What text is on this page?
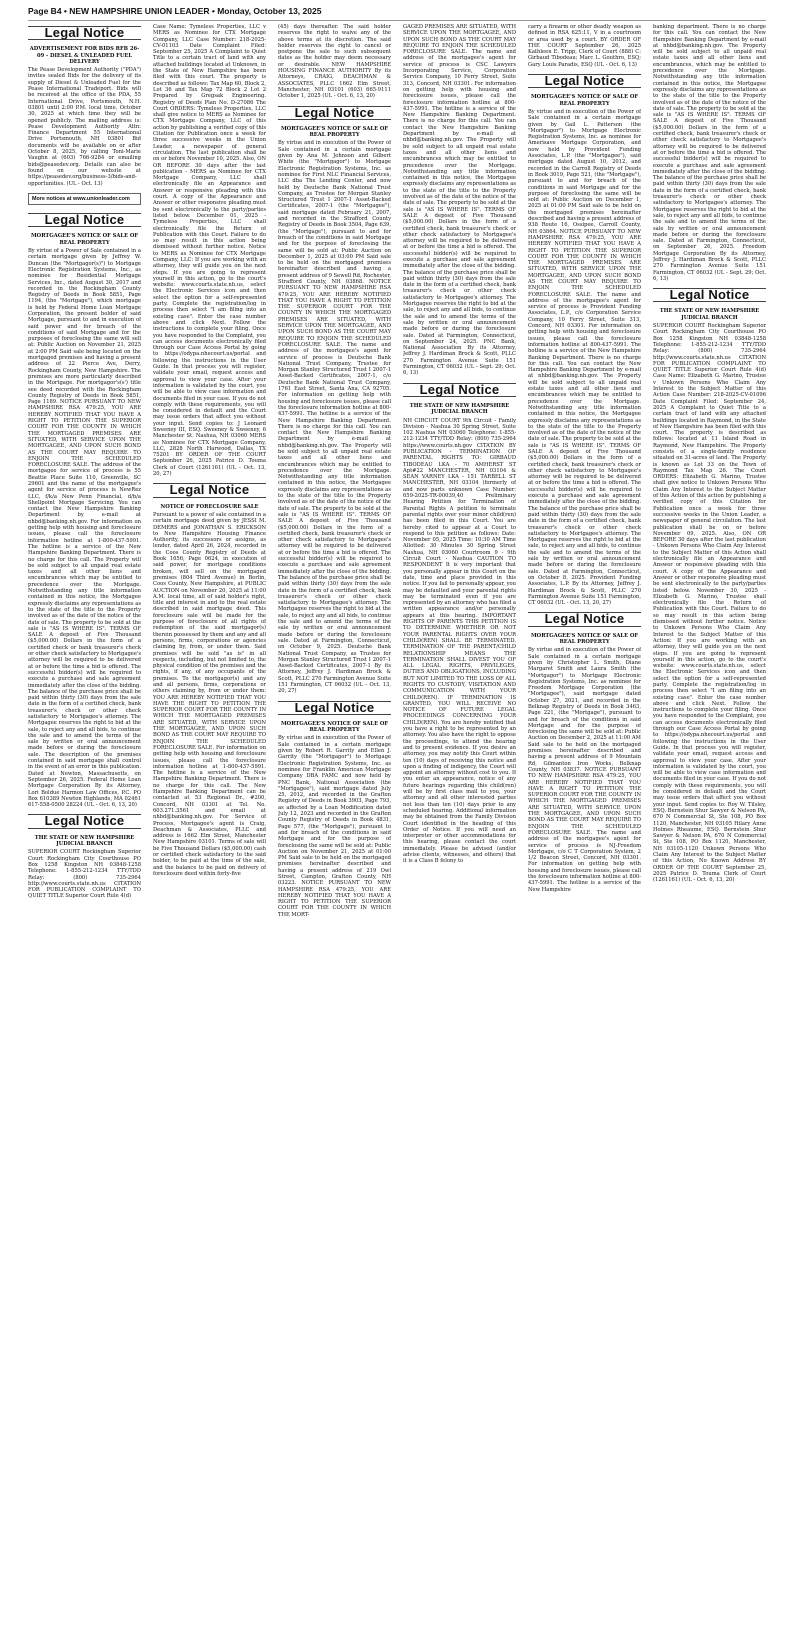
Page B4 • NEW HAMPSHIRE UNION LEADER • Monday, October 13, 2025
Legal Notice
ADVERTISEMENT FOR BIDS RFB 26-09 - DIESEL & UNLEADED FUEL DELIVERY

The Pease Development Authority ("PDA") invites sealed Bids for the delivery of its supply of Diesel & Unleaded Fuel for the Pease International Tradeport. Bids will be received at the office of the PDA, 55 International Drive, Portsmouth, N.H. 03801 until 2:00 P.M. local time, October 30, 2025 at which time they will be opened publicly. The mailing address is: Pease Development Authority Attn: Finance Department 55 International Drive Portsmouth, NH 03801 Bid documents will be available on or after October 8, 2025, by calling Toni-Marie Vaughn at (603) 766-9284 or emailing bids@peasedev.org. Details can also be found on our website at https://peasedev.org/business-3/bids-and-opportunities. (UL - Oct. 13)

More notices at www.unionleader.com
Legal Notice
MORTGAGEE'S NOTICE OF SALE OF REAL PROPERTY

By virtue of a Power of Sale contained in a certain mortgage given by Jeffrey W. Duncan (the "Mortgagor(s)") to Mortgage Electronic Registration Systems, Inc., as nominee for Residential Mortgage Services, Inc., dated August 30, 2017 and recorded in the Rockingham County Registry of Deeds in Book 5851, Page 1194, (the "Mortgage"), which mortgage is held by Federal Home Loan Mortgage Corporation, the present holder of said Mortgage, pursuant to and in execution of said power and for breach of the conditions of said Mortgage and for the purposes of foreclosing the same will sell at: Public Auction on November 21, 2025 at 2:00 PM Said sale being located on the mortgaged premises and having a present address of 22 Pierce Ave, Derry, Rockingham County, New Hampshire. The premises are more particularly described in the Mortgage. For mortgagor's(s') title see deed recorded with the Rockingham County Registry of Deeds in Book 5851, Page 1189. NOTICE PURSUANT TO NEW HAMPSHIRE RSA 479:25, YOU ARE HEREBY NOTIFIED THAT YOU HAVE A RIGHT TO PETITION THE SUPERIOR COURT FOR THE COUNTY IN WHICH THE MORTGAGED PREMISES ARE SITUATED, WITH SERVICE UPON THE MORTGAGEE, AND UPON SUCH BOND AS THE COURT MAY REQUIRE TO ENJOIN THE SCHEDULED FORECLOSURE SALE. The address of the mortgagee for service of process is 55 Beattie Place Suite 110, Greenville, SC 29601 and the name of the mortgagee's agent for service of process is NewRez LLC, f/k/a New Penn Financial, d/b/a Shellpoint Mortgage Servicing. You can contact the New Hampshire Banking Department by e-mail at nhbd@banking.nh.gov. For information on getting help with housing and foreclosure issues, please call the foreclosure information hotline at 1-800-437-5991. The hotline is a service of the New Hampshire Banking Department. There is no charge for this call. The Property will be sold subject to all unpaid real estate taxes and all other liens and encumbrances which may be entitled to precedence over the Mortgage. Notwithstanding any title information contained in this notice, the Mortgagee expressly disclaims any representations as to the state of the title to the Property involved as of the date of the notice of the date of sale. The property to be sold at the sale is "AS IS WHERE IS". TERMS OF SALE A deposit of Five Thousand ($5,000.00) Dollars in the form of a certified check or bank treasurer's check or other check satisfactory to Mortgagee's attorney will be required to be delivered at or before the time a bid is offered. The successful bidder(s) will be required to execute a purchase and sale agreement immediately after the close of the bidding. The balance of the purchase price shall be paid within thirty (30) days from the sale date in the form of a certified check, bank treasurer's check or other check satisfactory to Mortgagee's attorney. The Mortgagee reserves the right to bid at the sale, to reject any and all bids, to continue the sale and to amend the terms of the sale by written or oral announcement made before or during the foreclosure sale. The description of the premises contained in said mortgage shall control in the event of an error in this publication. Dated at Newton, Massachusetts, on September 26, 2025. Federal Home Loan Mortgage Corporation By its Attorney, Lori Boldue Harmon Law Offices, P.C. PO Box 610389 Newton Highlands, MA 02461 617-558-0500 28224 (UL - Oct. 6, 13, 20)

Legal Notice
THE STATE OF NEW HAMPSHIRE JUDICIAL BRANCH

SUPERIOR COURT Rockingham Superior Court Rockingham City Courthouse PO Box 1258 Kingston NH 03848-1258 Telephone: 1-855-212-1234 TTY/TDD Relay: (800) 735-2964 http://www.courts.state.nh.us CITATION FOR PUBLICATION COMPLAINT TO QUIET TITLE Superior Court Rule 4(d)

Case Name: Tymeless Properties, LLC v MERS as Nominee for CTX Mortgage Company, LLC Case Number: 218-2025-CV-01103 Date Complaint Filed: September 25, 2025 A Complaint to Quiet Title to a certain tract of land with any attached buildings located at Unknown, in the State of New Hampshire has been filed with this court. The property is described as follows: Tax Map 60, Block 2, Lot 36 and Tax Map 72 Block 2 Lot 2 Prepared by Gregsak Engineering. Registry of Deeds Plan No. D-27086 The Court ORDERS: Tymeless Properties, LLC shall give notice to MERS as Nominee for CTX Mortgage Company, LLC of this action by publishing a verified copy of this Citation for Publication once a week for three successive weeks in the Union Leader, a newspaper of general circulation. The last publication shall be on or before November 10, 2025. Also, ON OR BEFORE 30 days after the last publication - MERS as Nominee for CTX Mortgage Company, LLC shall electronically file an Appearance and Answer or responsive pleading with this court. A copy of the Appearance and Answer or other responsive pleading must be sent electronically to the party/parties listed below. December 01, 2025 - Tymeless Properties, LLC shall electronically file the Return of Publication with this Court. Failure to do so may result in this action being dismissed without further notice. Notice to MERS as Nominee for CTX Mortgage Company, LLC: If you are working with an attorney, they will guide you on the next steps. If you are going to represent yourself in this action, go to the court's website: www.courts.state.nh.us, select the Electronic Services icon and then select the option for a self-represented party. Complete the registration/log in process then select "I am filing into an existing case". Enter the case number above and click Next. Follow the instructions to complete your filing. Once you have responded to the Complaint, you can access documents electronically filed through our Case Access Portal by going to https://odypa.nhecourt.us/portal and following the instructions in the User Guide. In that process you will register, validate your email, request access and approval to view your case. After your information is validated by the court, you will be able to view case information and documents filed in your case. If you do not comply with these requirements, you will be considered in default and the Court may issue orders that affect you without your input. Send copies to: J Leonard Sweeney III, ESQ. Sweeney & Sweeney, 6 Manchester St. Nashua, NH 03060 MERS as Nominee for CTX Mortgage Company, LLC, 2828 North Harwood, Dallas, TX 75201 BY ORDER OF THE COURT September 26, 2025 Patrice D. Touma Clerk of Court (1261161) (UL - Oct. 13, 20, 27)

Legal Notice
NOTICE OF FORECLOSURE SALE

Pursuant to a power of sale contained in a certain mortgage deed given by JESSI M. DEMERS and JONATHAN S. ERICKSON to New Hampshire Housing Finance Authority, its successors or assigns, as lender, dated April 26, 2024, recorded in the Coos County Registry of Deeds at Book 1656, Page 0624, in execution of said power, for mortgage conditions broken, will sell on the mortgaged premises (804 Third Avenue) in Berlin, Coos County, New Hampshire, at PUBLIC AUCTION on November 20, 2025 at 11:00 A.M. local time, all of said holder's right, title and interest in and to the real estate described in said mortgage deed. This foreclosure sale will be made for the purpose of foreclosure of all rights of redemption of the said mortgagor(s) therein possessed by them and any and all persons, firms, corporations or agencies claiming by, from, or under them. Said premises will be sold "as is" in all respects, including, but not limited to, the physical condition of the premises and the rights, if any, of any occupants of the premises. To the mortgagor(s) and any and all persons, firms, corporations or others claiming by, from or under them: YOU ARE HEREBY NOTIFIED THAT YOU HAVE THE RIGHT TO PETITION THE SUPERIOR COURT FOR THE COUNTY IN WHICH THE MORTGAGED PREMISES ARE SITUATED, WITH SERVICE UPON THE MORTGAGEE, AND UPON SUCH BOND AS THE COURT MAY REQUIRE TO ENJOIN THE SCHEDULED FORECLOSURE SALE. For information on getting help with housing and foreclosure issues, please call the foreclosure information hotline at 1-800-437-5991. The hotline is a service of the New Hampshire Banking Department. There is no charge for this call. The New Hampshire Banking Department can be contacted at 53 Regional Dr., #200, Concord, NH 03301 at Tel. No. 603.271.3561 and email at nhbd@banking.nh.gov. For Service of Process, Mortgagee's agent is Craig, Deachman & Associates, PLLC and address is 1662 Elm Street, Manchester New Hampshire 03101. Terms of sale will be Five Thousand Dollars ($5,000.00) cash or certified check satisfactory to the said holder, to be paid at the time of the sale, and the balance to be paid on delivery of foreclosure deed within forty-five

(45) days thereafter. The said holder reserves the right to waive any of the above terms at its discretion. The said holder reserves the right to cancel or postpone the sale to such subsequent dates as the holder may deem necessary or desirable. NEW HAMPSHIRE HOUSING FINANCE AUTHORITY By its Attorneys, CRAIG, DEACHMAN & ASSOCIATES, PLLC 1662 Elm Street, Manchester, NH 03101 (603) 665-9111 October 1, 2025 (UL - Oct. 6, 13, 20)

Legal Notice
MORTGAGEE'S NOTICE OF SALE OF REAL PROPERTY

By virtue and in execution of the Power of Sale contained in a certain mortgage given by Ana M. Johnson and Gilbert White (the "Mortgagor") to Mortgage Electronic Registration Systems, Inc. as nominee for First NLC Financial Services, LLC dba The Lending Center, and now held by Deutsche Bank National Trust Company, as Trustee for Morgan Stanley Structured Trust I 2007-1 Asset-Backed Certificates, 2007-1 (the "Mortgagee"), said mortgage dated February 21, 2007, and recorded in the Strafford County Registry of Deeds in Book 3504, Page 639, (the "Mortgage"), pursuant to and for breach of the conditions in said Mortgage and for the purpose of foreclosing the same will be sold at: Public Auction on December 1, 2025 at 03:00 PM Said sale to be held on the mortgaged premises hereinafter described and having a present address of 9 Sewell Rd, Rochester, Strafford County, NH 03868. NOTICE PURSUANT TO NEW HAMPSHIRE RSA 479:25, YOU ARE HEREBY NOTIFIED THAT YOU HAVE A RIGHT TO PETITION THE SUPERIOR COURT FOR THE COUNTY IN WHICH THE MORTGAGED PREMISES ARE SITUATED, WITH SERVICE UPON THE MORTGAGEE, AND UPON SUCH BOND AS THE COURT MAY REQUIRE TO ENJOIN THE SCHEDULED FORECLOSURE SALE. The name and address of the mortgagee's agent for service of process is Deutsche Bank National Trust Company, Trustee for Morgan Stanley Structured Trust I 2007-1 Asset-Backed Certificates, 2007-1, c/o Deutsche Bank National Trust Company, 1761 East Street, Santa Ana, CA 92705. For information on getting help with housing and foreclosure issues, please call the foreclosure information hotline at 800-437-5991. The hotline is a service of the New Hampshire Banking Department. There is no charge for this call. You can contact the New Hampshire Banking Department by e-mail at nhbd@banking.nh.gov. The Property will be sold subject to all unpaid real estate taxes and all other liens and encumbrances which may be entitled to precedence over the Mortgage. Notwithstanding any title information contained in this notice, the Mortgagee expressly disclaims any representations as to the state of the title to the Property involved as of the date of the notice of the date of sale. The property to be sold at the sale is "AS IS WHERE IS". TERMS OF SALE A deposit of Five Thousand ($5,000.00) Dollars in the form of a certified check, bank treasurer's check or other check satisfactory to Mortgagee's attorney will be required to be delivered at or before the time a bid is offered. The successful bidder(s) will be required to execute a purchase and sale agreement immediately after the close of the bidding. The balance of the purchase price shall be paid within thirty (30) days from the sale date in the form of a certified check, bank treasurer's check or other check satisfactory to Mortgagee's attorney. The Mortgagee reserves the right to bid at the sale, to reject any and all bids, to continue the sale and to amend the terms of the sale by written or oral announcement made before or during the foreclosure sale. Dated at Farmington, Connecticut, on October 9, 2025. Deutsche Bank National Trust Company, as Trustee for Morgan Stanley Structured Trust I 2007-1 Asset-Backed Certificates, 2007-1 By its Attorney, Jeffrey J. Hardiman Brock & Scott, PLLC 270 Farmington Avenue Suite 151 Farmington, CT 06032 (UL - Oct. 13, 20, 27)

Legal Notice
MORTGAGEE'S NOTICE OF SALE OF REAL PROPERTY

By virtue and in execution of the Power of Sale contained in a certain mortgage given by Robert R. Garrity and Ellen J. Garrity (the "Mortgagor") to Mortgage Electronic Registration Systems, Inc. as nominee for Franklin American Mortgage Company DBA FAMC and now held by PNC Bank, National Association (the "Mortgagee"), said mortgage dated July 25, 2012, and recorded in the Grafton Registry of Deeds in Book 3903, Page 793, as affected by a Loan Modification dated July 12, 2023 and recorded in the Grafton County Registry of Deeds in Book 4831, Page 577, (the "Mortgage"), pursuant to and for breach of the conditions in said Mortgage and for the purpose of foreclosing the same will be sold at: Public Auction on November 21, 2025 at 01:00 PM Said sale to be held on the mortgaged premises hereinafter described and having a present address of 219 Owl Street, Campton, Grafton County, NH 03223. NOTICE PURSUANT TO NEW HAMPSHIRE RSA 479:25, YOU ARE HEREBY NOTIFIED THAT YOU HAVE A RIGHT TO PETITION THE SUPERIOR COURT FOR THE COUNTY IN WHICH THE MORT-

GAGED PREMISES ARE SITUATED, WITH SERVICE UPON THE MORTGAGEE, AND UPON SUCH BOND AS THE COURT MAY REQUIRE TO ENJOIN THE SCHEDULED FORECLOSURE SALE. The name and address of the mortgagee's agent for service of process is CSC Lawyers Incorporating Service, Corporation Service Company, 10 Ferry Street, Suite 313, Concord, NH 03301. For information on getting help with housing and foreclosure issues, please call the foreclosure information hotline at 800-437-5991. The hotline is a service of the New Hampshire Banking Department. There is no charge for this call. You can contact the New Hampshire Banking Department by e-mail at nhbd@banking.nh.gov. The Property will be sold subject to all unpaid real estate taxes and all other liens and encumbrances which may be entitled to precedence over the Mortgage. Notwithstanding any title information contained in this notice, the Mortgagee expressly disclaims any representations as to the state of the title to the Property involved as of the date of the notice of the date of sale. The property to be sold at the sale is "AS IS WHERE IS". TERMS OF SALE A deposit of Five Thousand ($5,000.00) Dollars in the form of a certified check, bank treasurer's check or other check satisfactory to Mortgagee's attorney will be required to be delivered at or before the time a bid is offered. The successful bidder(s) will be required to execute a purchase and sale agreement immediately after the close of the bidding. The balance of the purchase price shall be paid within thirty (30) days from the sale date in the form of a certified check, bank treasurer's check or other check satisfactory to Mortgagee's attorney. The Mortgagee reserves the right to bid at the sale, to reject any and all bids, to continue the sale and to amend the terms of the sale by written or oral announcement made before or during the foreclosure sale. Dated at Farmington, Connecticut, on September 24, 2025. PNC Bank, National Association By its Attorney, Jeffrey J. Hardiman Brock & Scott, PLLC 270 Farmington Avenue Suite 151 Farmington, CT 06032 (UL - Sept. 29; Oct. 6, 13)

Legal Notice
THE STATE OF NEW HAMPSHIRE JUDICIAL BRANCH

NH CIRCUIT COURT 9th Circuit - Family Division - Nashua 30 Spring Street, Suite 102 Nashua NH 03060 Telephone: 1-855-212-1234 TTY/TDD Relay: (800) 735-2964 https://www.courts.nh.gov CITATION BY PUBLICATION - TERMINATION OF PARENTAL RIGHTS TO: GIRBAUD TIBODEAU LKA - 70 AMHERST ST Apt#22 MANCHESTER, NH 03104 & SEAN VARNEY LKA - 151 TARBELL ST MANCHESTER, NH 03104 (formerly of and now parts unknown Case Number: 659-2025-TR-00039,40 Preliminary Hearing Petition for Termination of Parental Rights A petition to terminate parental rights over your minor child(ren) has been filed in this Court. You are hereby cited to appear at a Court to respond to this petition as follows: Date: November 05, 2025 Time: 10:30 AM Time Allotted: 30 Minutes 30 Spring Street Nashua, NH 03060 Courtroom 9 - 9th Circuit Court - Nashua CAUTION TO RESPONDENT It is very important that you personally appear in this Court on the date, time and place provided in this notice. If you fail to personally appear, you may be defaulted and your parental rights may be terminated even if you are represented by an attorney who has filed a written appearance and/or personally appears at this hearing. IMPORTANT RIGHTS OF PARENTS THIS PETITION IS TO DETERMINE WHETHER OR NOT YOUR PARENTAL RIGHTS OVER YOUR CHILD(REN) SHALL BE TERMINATED. TERMINATION OF THE PARENT/CHILD RELATIONSHIP MEANS THE TERMINATION SHALL DIVEST YOU OF ALL LEGAL RIGHTS, PRIVILEGES, DUTIES AND OBLIGATIONS, INCLUDING BUT NOT LIMITED TO THE LOSS OF ALL RIGHTS TO CUSTODY, VISITATION AND COMMUNICATION WITH YOUR CHILD(REN). IF TERMINATION IS GRANTED, YOU WILL RECEIVE NO NOTICE OF FUTURE LEGAL PROCEEDINGS CONCERNING YOUR CHILD(REN). You are hereby notified that you have a right to be represented by an attorney. You also have the right to oppose the proceedings, to attend the hearing and to present evidence. If you desire an attorney, you may notify this Court within ten (10) days of receiving this notice and upon a finding of indigency, the Court will appoint an attorney without cost to you. If you enter an appearance, notice of any future hearings regarding this child(ren) will be by first class mail to you, your attorney and all other interested parties not less than ten (10) days prior to any scheduled hearing. Additional information may be obtained from the Family Division Court identified in the heading of this Order of Notice. If you will need an interpreter or other accommodations for this hearing, please contact the court immediately. Please be advised (and/or advise clients, witnesses, and others) that it is a Class B felony to

carry a firearm or other deadly weapon as defined in RSA 625:11, V in a courtroom or area used by a court. BY ORDER OF THE COURT September 26, 2025 Kathleen E. Tripp, Clerk of Court (888) C: Girbaud Tibodeau; Marc L. Gouthro, ESQ; Gary Louis Paradis, ESQ (UL - Oct. 6, 13)

Legal Notice
MORTGAGEE'S NOTICE OF SALE OF REAL PROPERTY

By virtue and in execution of the Power of Sale contained in a certain mortgage given by Gail L. Patterson (the "Mortgagor") to Mortgage Electronic Registration Systems, Inc. as nominee for Amerisave Mortgage Corporation, and now held by Provident Funding Associates, L.P. (the "Mortgagee"), said mortgage dated August 10, 2012, and recorded in the Carroll Registry of Deeds in Book 3019, Page 521, (the "Mortgage"), pursuant to and for breach of the conditions in said Mortgage and for the purpose of foreclosing the same will be sold at: Public Auction on December 1, 2025 at 01:00 PM Said sale to be held on the mortgaged premises hereinafter described and having a present address of 938 Route 16, Ossipee, Carroll County, NH 03864. NOTICE PURSUANT TO NEW HAMPSHIRE RSA 479:25, YOU ARE HEREBY NOTIFIED THAT YOU HAVE A RIGHT TO PETITION THE SUPERIOR COURT FOR THE COUNTY IN WHICH THE MORTGAGED PREMISES ARE SITUATED, WITH SERVICE UPON THE MORTGAGEE, AND UPON SUCH BOND AS THE COURT MAY REQUIRE TO ENJOIN THE SCHEDULED FORECLOSURE SALE. The name and address of the mortgagee's agent for service of process is Provident Funding Associates, L.P., c/o Corporation Service Company, 10 Ferry Street, Suite 313, Concord, NH 03301. For information on getting help with housing and foreclosure issues, please call the foreclosure information hotline at 800-437-5991. The hotline is a service of the New Hampshire Banking Department. There is no charge for this call. You can contact the New Hampshire Banking Department by e-mail at nhbd@banking.nh.gov. The Property will be sold subject to all unpaid real estate taxes and all other liens and encumbrances which may be entitled to precedence over the Mortgage. Notwithstanding any title information contained in this notice, the Mortgagee expressly disclaims any representations as to the state of the title to the Property involved as of the date of the notice of the date of sale. The property to be sold at the sale is "AS IS WHERE IS". TERMS OF SALE A deposit of Five Thousand ($5,000.00) Dollars in the form of a certified check, bank treasurer's check or other check satisfactory to Mortgagee's attorney will be required to be delivered at or before the time a bid is offered. The successful bidder(s) will be required to execute a purchase and sale agreement immediately after the close of the bidding. The balance of the purchase price shall be paid within thirty (30) days from the sale date in the form of a certified check, bank treasurer's check or other check satisfactory to Mortgagee's attorney. The Mortgagee reserves the right to bid at the sale, to reject any and all bids, to continue the sale and to amend the terms of the sale by written or oral announcement made before or during the foreclosure sale. Dated at Farmington, Connecticut, on October 8, 2025. Provident Funding Associates, L.P. By its Attorney, Jeffrey J. Hardiman Brock & Scott, PLLC 270 Farmington Avenue Suite 151 Farmington, CT 06032 (UL - Oct. 13, 20, 27)

Legal Notice
MORTGAGEE'S NOTICE OF SALE OF REAL PROPERTY

By virtue and in execution of the Power of Sale contained in a certain mortgage given by Christopher L. Smith, Diane Margaret Smith and Laura Smith (the "Mortgagor") to Mortgage Electronic Registration Systems, Inc. as nominee for Freedom Mortgage Corporation (the "Mortgagee"), said mortgage dated October 27, 2021, and recorded in the Belknap Registry of Deeds in Book 3463, Page 221, (the "Mortgage"), pursuant to and for breach of the conditions in said Mortgage and for the purpose of foreclosing the same will be sold at: Public Auction on December 2, 2025 at 11:00 AM Said sale to be held on the mortgaged premises hereinafter described and having a present address of 9 Mountain Rd, Gilmanton Iron Works, Belknap County, NH 03837. NOTICE PURSUANT TO NEW HAMPSHIRE RSA 479:25, YOU ARE HEREBY NOTIFIED THAT YOU HAVE A RIGHT TO PETITION THE SUPERIOR COURT FOR THE COUNTY IN WHICH THE MORTGAGED PREMISES ARE SITUATED, WITH SERVICE UPON THE MORTGAGEE, AND UPON SUCH BOND AS THE COURT MAY REQUIRE TO ENJOIN THE SCHEDULED FORECLOSURE SALE. The name and address of the mortgagee's agent for service of process is NJ-Freedom Mortgage, c/o C T Corporation System, 2 1/2 Beacon Street, Concord, NH 03301. For information on getting help with housing and foreclosure issues, please call the foreclosure information hotline at 800-437-5991. The hotline is a service of the New Hampshire

banking department. There is no charge for this call. You can contact the New Hampshire Banking Department by e-mail at nhbd@banking.nh.gov. The Property will be sold subject to all unpaid real estate taxes and all other liens and encumbrances, which may be entitled to precedence over the Mortgage. Notwithstanding any title information contained in this notice, the Mortgagee expressly disclaims any representations as to the state of the title to the Property involved as of the date of the notice of the date of sale. The property to be sold at the sale is "AS IS WHERE IS". TERMS OF SALE A deposit of Five Thousand ($5,000.00) Dollars in the form of a certified check, bank treasurer's check or other check satisfactory to Mortgagee's attorney will be required to be delivered at or before the time a bid is offered. The successful bidder(s) will be required to execute a purchase and sale agreement immediately after the close of the bidding. The balance of the purchase price shall be paid within thirty (30) days from the sale date in the form of a certified check, bank treasurer's check or other check satisfactory to Mortgagee's attorney. The Mortgagee reserves the right to bid at the sale, to reject any and all bids, to continue the sale and to amend the terms of the sale by written or oral announcement made before or during the foreclosure sale. Dated at Farmington, Connecticut, on September 26, 2025. Freedom Mortgage Corporation By its Attorney, Jeffrey J. Hardiman Brock & Scott, PLLC 270 Farmington Avenue Suite 151 Farmington, CT 06032 (UL - Sept. 29; Oct. 6, 13)

Legal Notice
THE STATE OF NEW HAMPSHIRE JUDICIAL BRANCH

SUPERIOR COURT Rockingham Superior Court Rockingham City Courthouse PO Box 1258 Kingston NH 03848-1258 Telephone: 1-855-212-1234 TTY/TDD Relay: (800) 735-2964 http://www.courts.state.nh.us CITATION FOR PUBLICATION COMPLAINT TO QUIET TITLE Superior Court Rule 4(d) Case Name: Elizabeth G. Marino, Trustee v Unkown Persons Who Claim Any Interest to the Subject Matter of this Action Case Number: 218-2025-CV-01096 Date Complaint Filed: September 24, 2025 A Complaint to Quiet Title to a certain tract of land with any attached buildings located in Raymond, in the State of New Hampshire has been filed with this court. The property is described as follows: located at 11 Island Road in Raymond, New Hampshire. The Property consists of a single-family residence situated on 31-acres of land. The Property is known as Lot 33 on the Town of Raymond Tax Map 26. The Court ORDERS: Elizabeth G. Marino, Trustee shall give notice to Unkown Persons Who Claim Any Interest to the Subject Matter of this Action of this action by publishing a verified copy of this Citation for Publication once a week for three successive weeks in the Union Leader, a newspaper of general circulation. The last publication shall be on or before November 09, 2025. Also, ON OR BEFORE 30 days after the last publication - Unkown Persons Who Claim Any Interest to the Subject Matter of this Action shall electronically file an Appearance and Answer or responsive pleading with this court. A copy of the Appearance and Answer or other responsive pleading must be sent electronically to the party/parties listed below. November 30, 2025 - Elizabeth G. Marino, Trustee shall electronically file the Return of Publication with this Court. Failure to do so may result in this action being dismissed without further notice. Notice to Unkown Persons Who Claim Any Interest to the Subject Matter of this Action: If you are working with an attorney, they will guide you on the next steps. If you are going to represent yourself in this action, go to the court's website: www.courts.state.nh.us, select the Electronic Services icon and then select the option for a self-represented party. Complete the registration/log in process then select "I am filing into an existing case". Enter the case number above and click Next. Follow the instructions to complete your filing. Once you have responded to the Complaint, you can access documents electronically filed through our Case Access Portal by going to https://odypa.nhecourt.us/portal and following the instructions in the User Guide. In that process you will register, validate your email, request access and approval to view your case. After your information is validated by the court, you will be able to view case information and documents filed in your case. If you do not comply with these requirements, you will be considered in default and the Court may issue orders that affect you without your input. Send copies to: Roy W. Tilsley, ESQ. Bernstein Shur Sawyer & Nelson PA, 670 N Commercial St, Ste 108, PO Box 1120, Manchester, NH 03105 Hilary Anne Holmes Rheaume, ESQ. Bernstein Shur Sawyer & Nelson PA, 670 N Commercial St, Ste 108, PO Box 1120, Manchester, NH 03105-1120 Unkown Persons Who Claim Any Interest to the Subject Matter of this Action, No Known Address BY ORDER OF THE COURT September 25, 2025 Patrice D. Touma Clerk of Court (1261161) (UL - Oct. 6, 13, 20)
